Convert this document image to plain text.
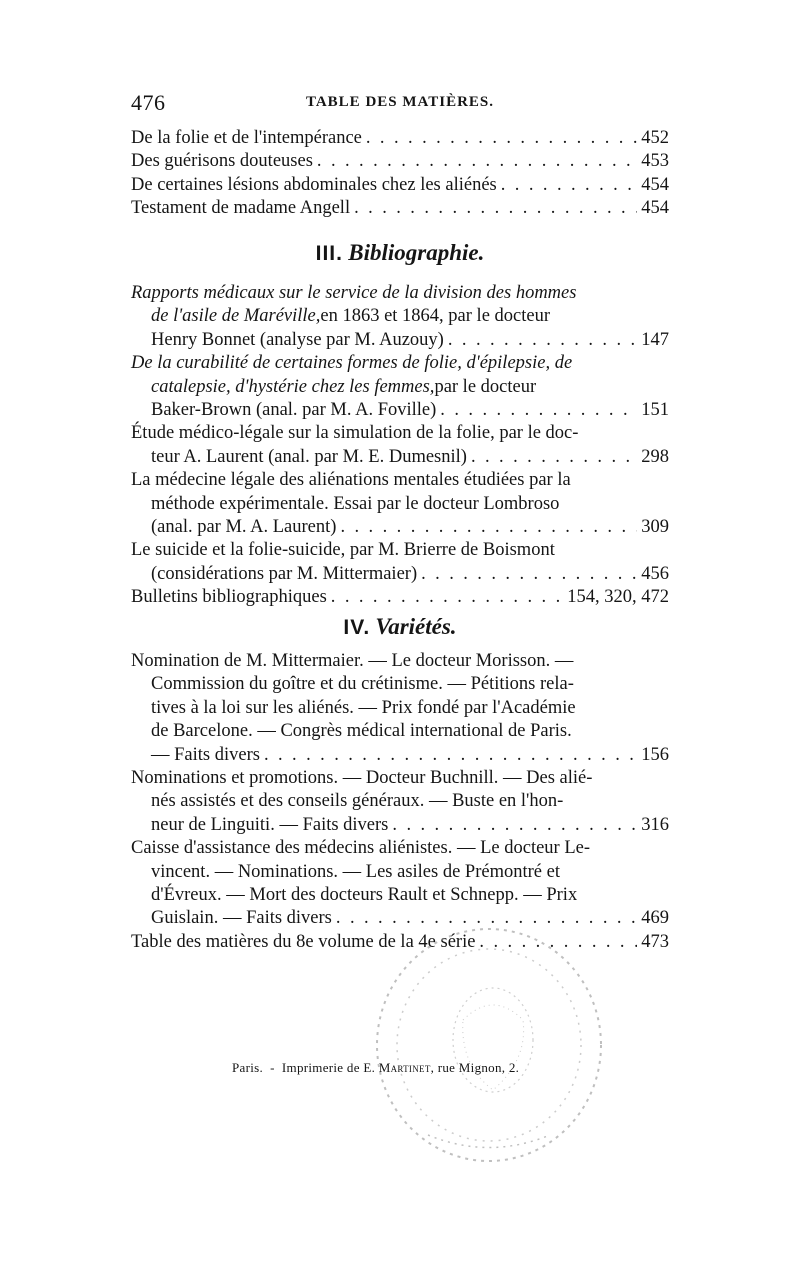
476	TABLE DES MATIÈRES.
De la folie et de l'intempérance . . .	452
Des guérisons douteuses . . .	453
De certaines lésions abdominales chez les aliénés . . .	454
Testament de madame Angell . . .	454
III. Bibliographie.
Rapports médicaux sur le service de la division des hommes
de l'asile de Maréville, en 1863 et 1864, par le docteur
Henry Bonnet (analyse par M. Auzouy) . . .	147
De la curabilité de certaines formes de folie, d'épilepsie, de
catalepsie, d'hystérie chez les femmes, par le docteur
Baker-Brown (anal. par M. A. Foville) . . .	151
Étude médico-légale sur la simulation de la folie, par le doc-
teur A. Laurent (anal. par M. E. Dumesnil) . . .	298
La médecine légale des aliénations mentales étudiées par la
méthode expérimentale. Essai par le docteur Lombroso
(anal. par M. A. Laurent) . . .	309
Le suicide et la folie-suicide, par M. Brierre de Boismont
(considérations par M. Mittermaier) . . .	456
Bulletins bibliographiques . . .	154, 320, 472
IV. Variétés.
Nomination de M. Mittermaier. — Le docteur Morisson. —
Commission du goître et du crétinisme. — Pétitions rela-
tives à la loi sur les aliénés. — Prix fondé par l'Académie
de Barcelone. — Congrès médical international de Paris.
— Faits divers . . .	156
Nominations et promotions. — Docteur Buchnill. — Des alié-
nés assistés et des conseils généraux. — Buste en l'hon-
neur de Linguiti. — Faits divers . . .	316
Caisse d'assistance des médecins aliénistes. — Le docteur Le-
vincent. — Nominations. — Les asiles de Prémontré et
d'Évreux. — Mort des docteurs Rault et Schnepp. — Prix
Guislain. — Faits divers . . .	469
Table des matières du 8e volume de la 4e série . . .	473
Paris.  -  Imprimerie de E. Martinet, rue Mignon, 2.
